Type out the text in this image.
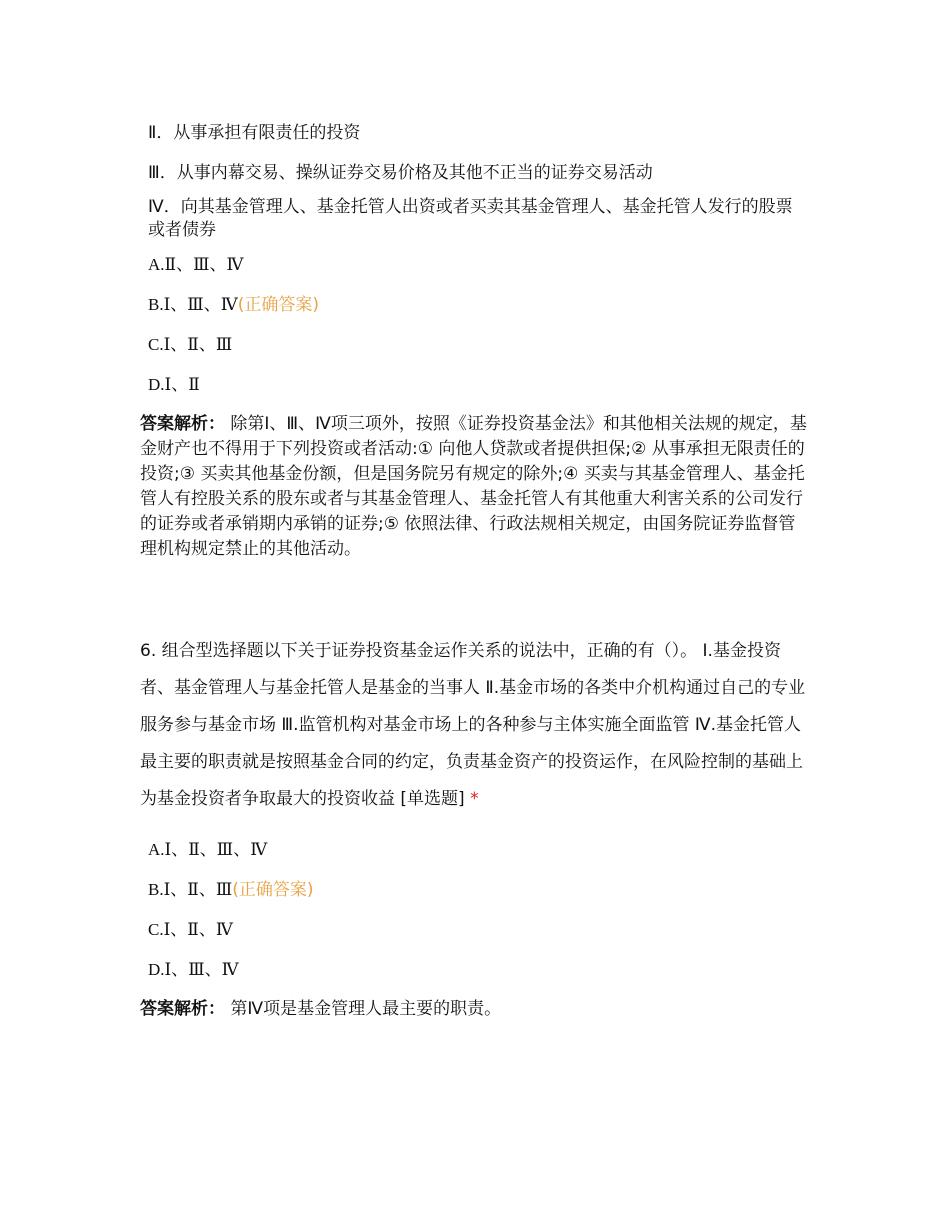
Ⅱ．从事承担有限责任的投资
Ⅲ．从事内幕交易、操纵证券交易价格及其他不正当的证券交易活动
Ⅳ．向其基金管理人、基金托管人出资或者买卖其基金管理人、基金托管人发行的股票或者债券
A.Ⅱ、Ⅲ、Ⅳ
B.Ⅰ、Ⅲ、Ⅳ(正确答案)
C.Ⅰ、Ⅱ、Ⅲ
D.Ⅰ、Ⅱ
答案解析： 除第Ⅰ、Ⅲ、Ⅳ项三项外，按照《证券投资基金法》和其他相关法规的规定，基金财产也不得用于下列投资或者活动:① 向他人贷款或者提供担保;② 从事承担无限责任的投资;③ 买卖其他基金份额，但是国务院另有规定的除外;④ 买卖与其基金管理人、基金托管人有控股关系的股东或者与其基金管理人、基金托管人有其他重大利害关系的公司发行的证券或者承销期内承销的证券;⑤ 依照法律、行政法规相关规定，由国务院证券监督管理机构规定禁止的其他活动。
6. 组合型选择题以下关于证券投资基金运作关系的说法中，正确的有（）。 Ⅰ.基金投资者、基金管理人与基金托管人是基金的当事人 Ⅱ.基金市场的各类中介机构通过自己的专业服务参与基金市场 Ⅲ.监管机构对基金市场上的各种参与主体实施全面监管 Ⅳ.基金托管人最主要的职责就是按照基金合同的约定，负责基金资产的投资运作，在风险控制的基础上为基金投资者争取最大的投资收益 [单选题] *
A.Ⅰ、Ⅱ、Ⅲ、Ⅳ
B.Ⅰ、Ⅱ、Ⅲ(正确答案)
C.Ⅰ、Ⅱ、Ⅳ
D.Ⅰ、Ⅲ、Ⅳ
答案解析： 第Ⅳ项是基金管理人最主要的职责。
